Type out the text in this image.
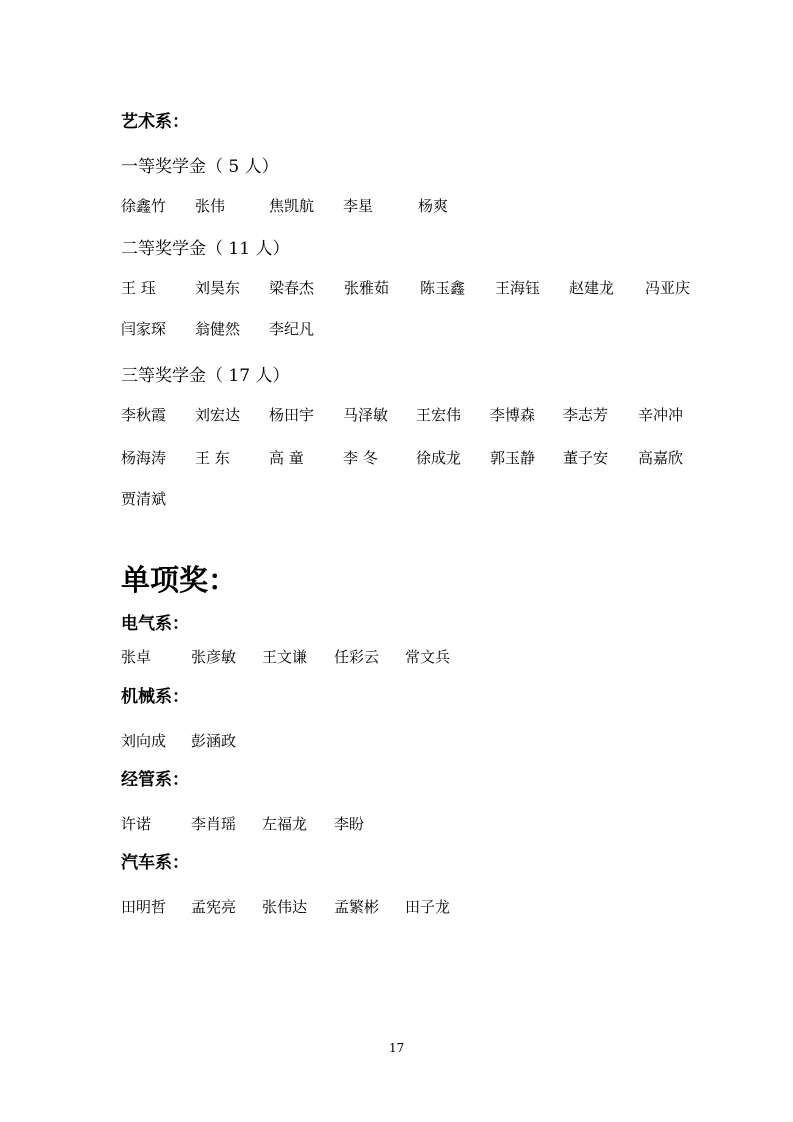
艺术系：
一等奖学金（ 5 人）
徐鑫竹 张伟	焦凯航 李星	杨爽
二等奖学金（ 11 人）
王 珏	刘昊东 梁春杰 张雅茹 陈玉鑫 王海钰 赵建龙 冯亚庆
闫家琛 翁健然 李纪凡
三等奖学金（ 17 人）
李秋霞 刘宏达 杨田宇 马泽敏 王宏伟 李博森 李志芳 辛冲冲
杨海涛 王 东	高 童	李 冬	徐成龙 郭玉静 董子安 高嘉欣
贾清斌
单项奖：
电气系：
张卓	张彦敏 王文谦 任彩云 常文兵
机械系：
刘向成 彭涵政
经管系：
许诺	李肖瑶 左福龙 李盼
汽车系：
田明哲 孟宪亮 张伟达 孟繁彬 田子龙
17
